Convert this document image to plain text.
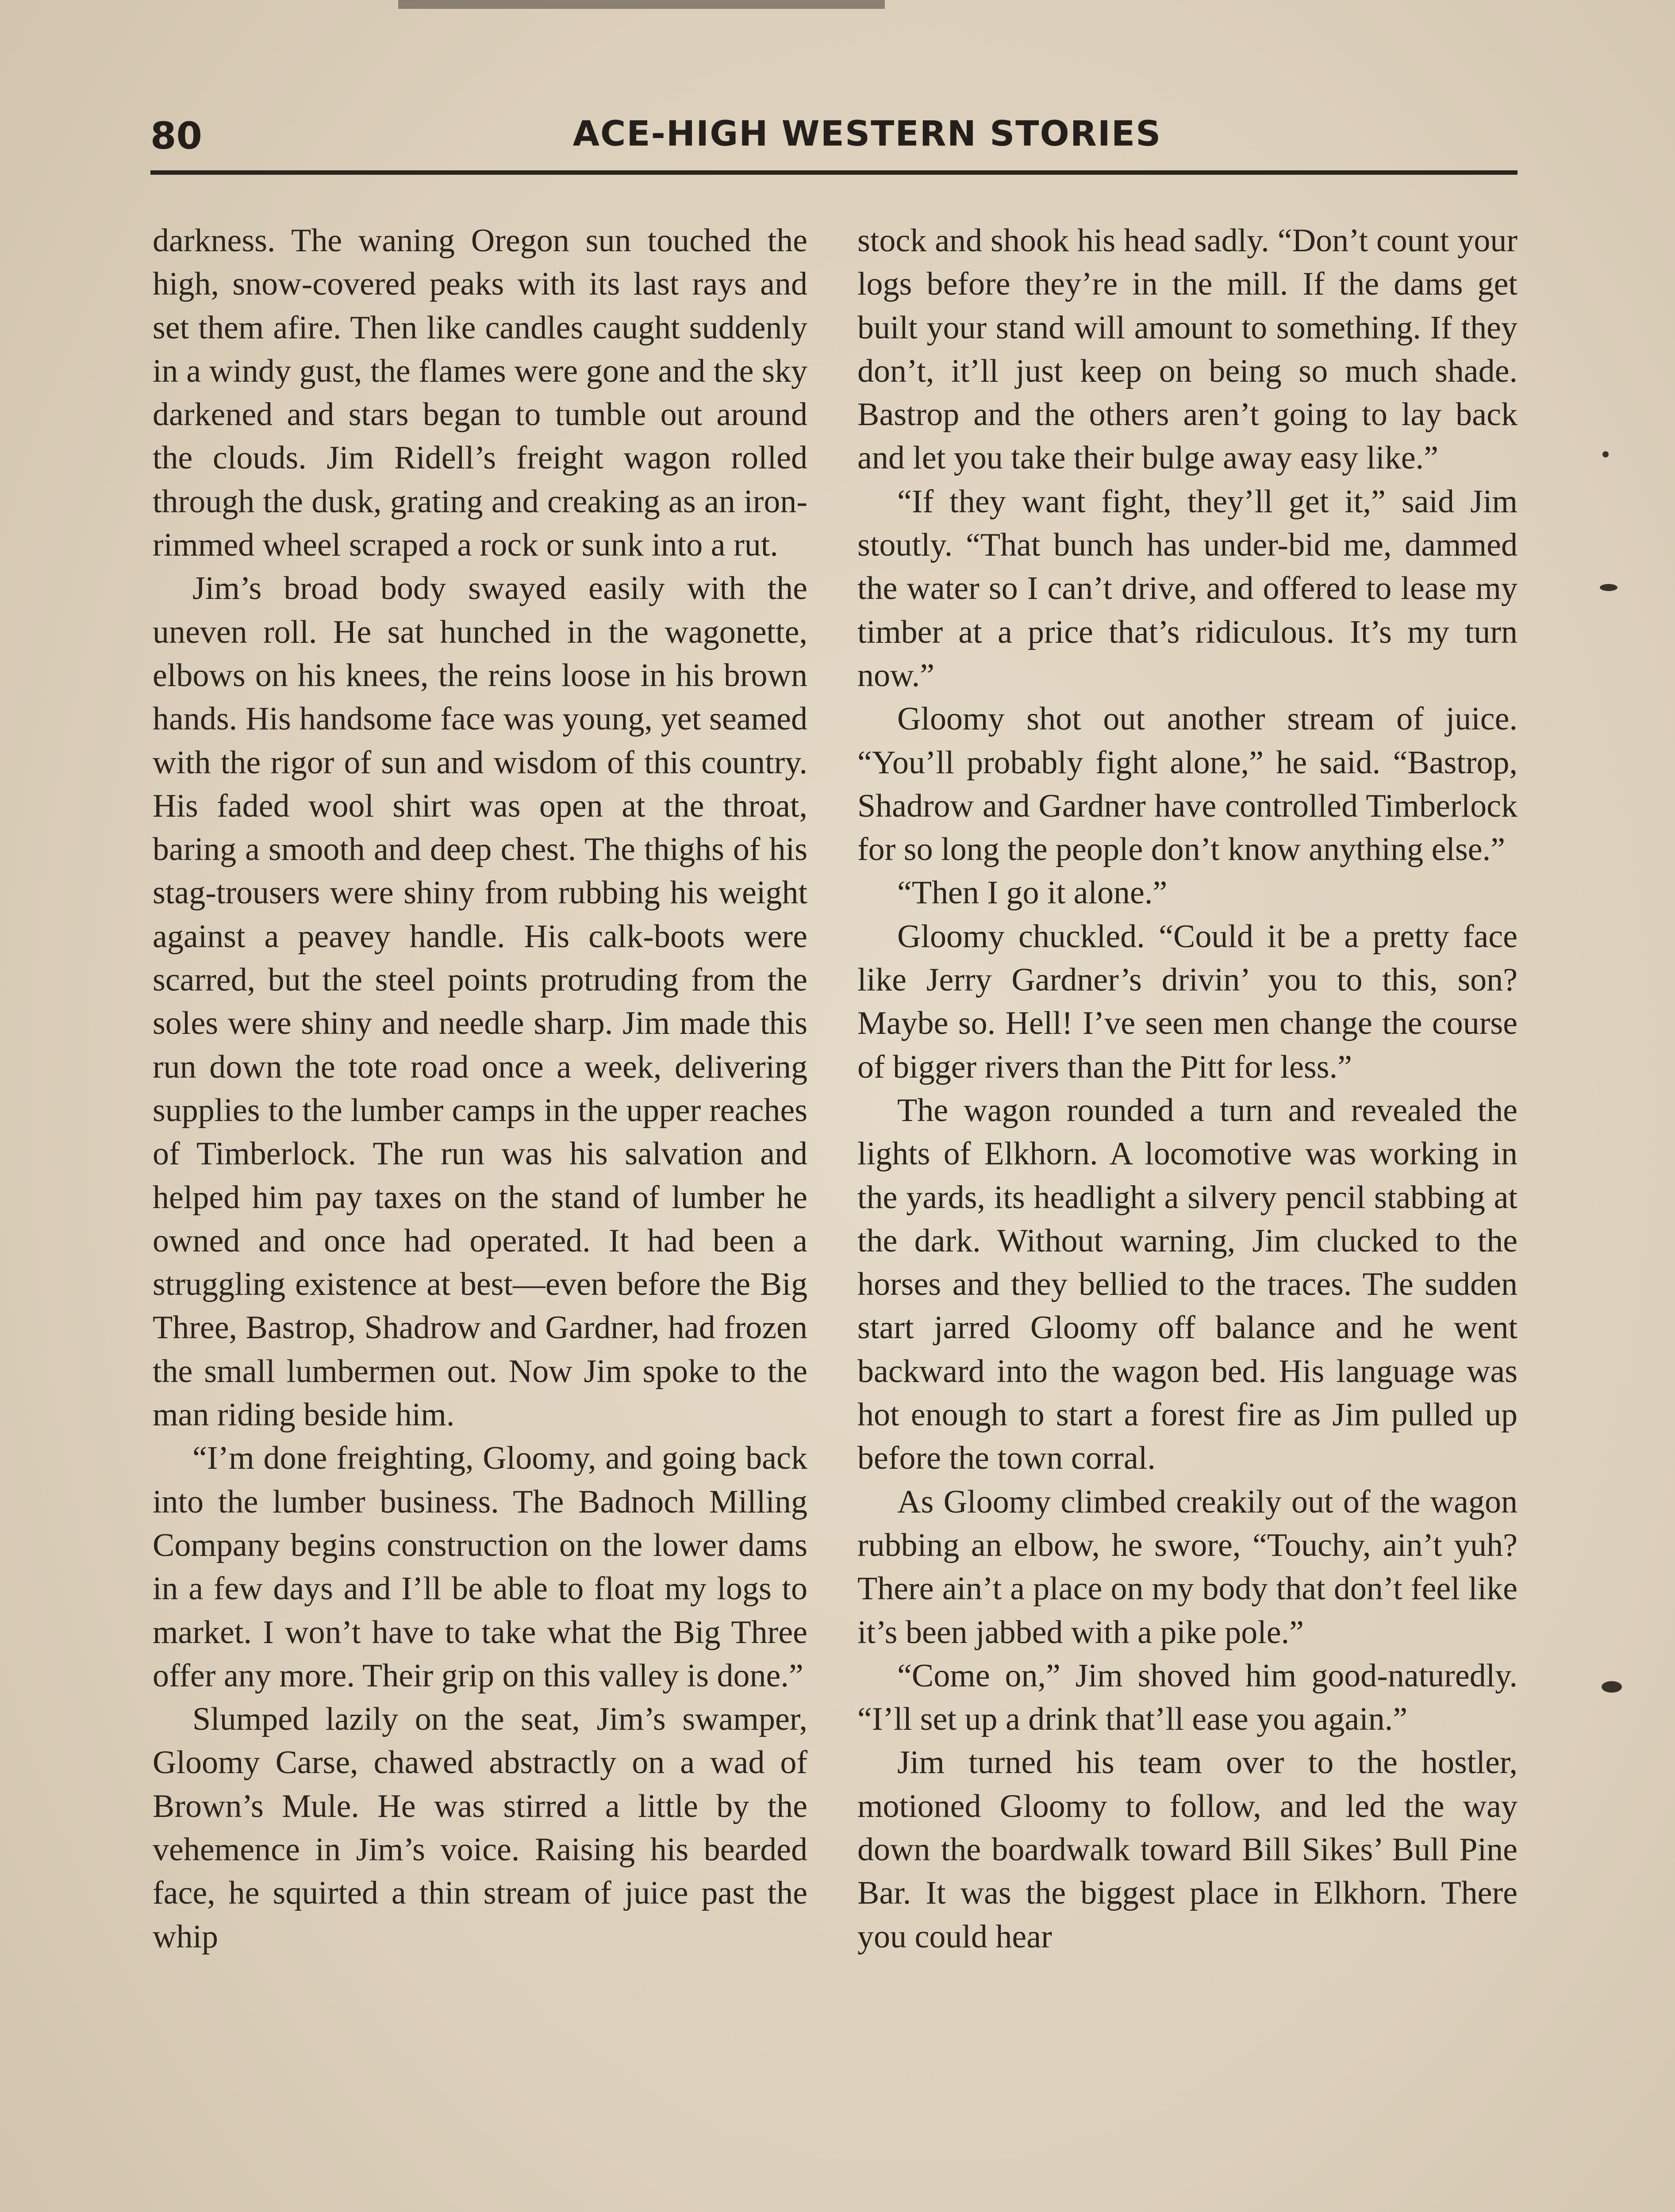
80	ACE-HIGH WESTERN STORIES

darkness. The waning Oregon sun touched the high, snow-covered peaks with its last rays and set them afire. Then like candles caught suddenly in a windy gust, the flames were gone and the sky darkened and stars began to tumble out around the clouds. Jim Ridell’s freight wagon rolled through the dusk, grating and creaking as an iron-rimmed wheel scraped a rock or sunk into a rut.

Jim’s broad body swayed easily with the uneven roll. He sat hunched in the wagonette, elbows on his knees, the reins loose in his brown hands. His handsome face was young, yet seamed with the rigor of sun and wisdom of this country. His faded wool shirt was open at the throat, baring a smooth and deep chest. The thighs of his stag-trousers were shiny from rubbing his weight against a peavey handle. His calk-boots were scarred, but the steel points protruding from the soles were shiny and needle sharp. Jim made this run down the tote road once a week, delivering supplies to the lumber camps in the upper reaches of Timberlock. The run was his salvation and helped him pay taxes on the stand of lumber he owned and once had operated. It had been a struggling existence at best—even before the Big Three, Bastrop, Shadrow and Gardner, had frozen the small lumbermen out. Now Jim spoke to the man riding beside him.

“I’m done freighting, Gloomy, and going back into the lumber business. The Badnoch Milling Company begins construction on the lower dams in a few days and I’ll be able to float my logs to market. I won’t have to take what the Big Three offer any more. Their grip on this valley is done.”

Slumped lazily on the seat, Jim’s swamper, Gloomy Carse, chawed abstractly on a wad of Brown’s Mule. He was stirred a little by the vehemence in Jim’s voice. Raising his bearded face, he squirted a thin stream of juice past the whip

stock and shook his head sadly. “Don’t count your logs before they’re in the mill. If the dams get built your stand will amount to something. If they don’t, it’ll just keep on being so much shade. Bastrop and the others aren’t going to lay back and let you take their bulge away easy like.”

“If they want fight, they’ll get it,” said Jim stoutly. “That bunch has under-bid me, dammed the water so I can’t drive, and offered to lease my timber at a price that’s ridiculous. It’s my turn now.”

Gloomy shot out another stream of juice. “You’ll probably fight alone,” he said. “Bastrop, Shadrow and Gardner have controlled Timberlock for so long the people don’t know anything else.”

“Then I go it alone.”

Gloomy chuckled. “Could it be a pretty face like Jerry Gardner’s drivin’ you to this, son? Maybe so. Hell! I’ve seen men change the course of bigger rivers than the Pitt for less.”

The wagon rounded a turn and revealed the lights of Elkhorn. A locomotive was working in the yards, its headlight a silvery pencil stabbing at the dark. Without warning, Jim clucked to the horses and they bellied to the traces. The sudden start jarred Gloomy off balance and he went backward into the wagon bed. His language was hot enough to start a forest fire as Jim pulled up before the town corral.

As Gloomy climbed creakily out of the wagon rubbing an elbow, he swore, “Touchy, ain’t yuh? There ain’t a place on my body that don’t feel like it’s been jabbed with a pike pole.”

“Come on,” Jim shoved him good-naturedly. “I’ll set up a drink that’ll ease you again.”

Jim turned his team over to the hostler, motioned Gloomy to follow, and led the way down the boardwalk toward Bill Sikes’ Bull Pine Bar. It was the biggest place in Elkhorn. There you could hear
